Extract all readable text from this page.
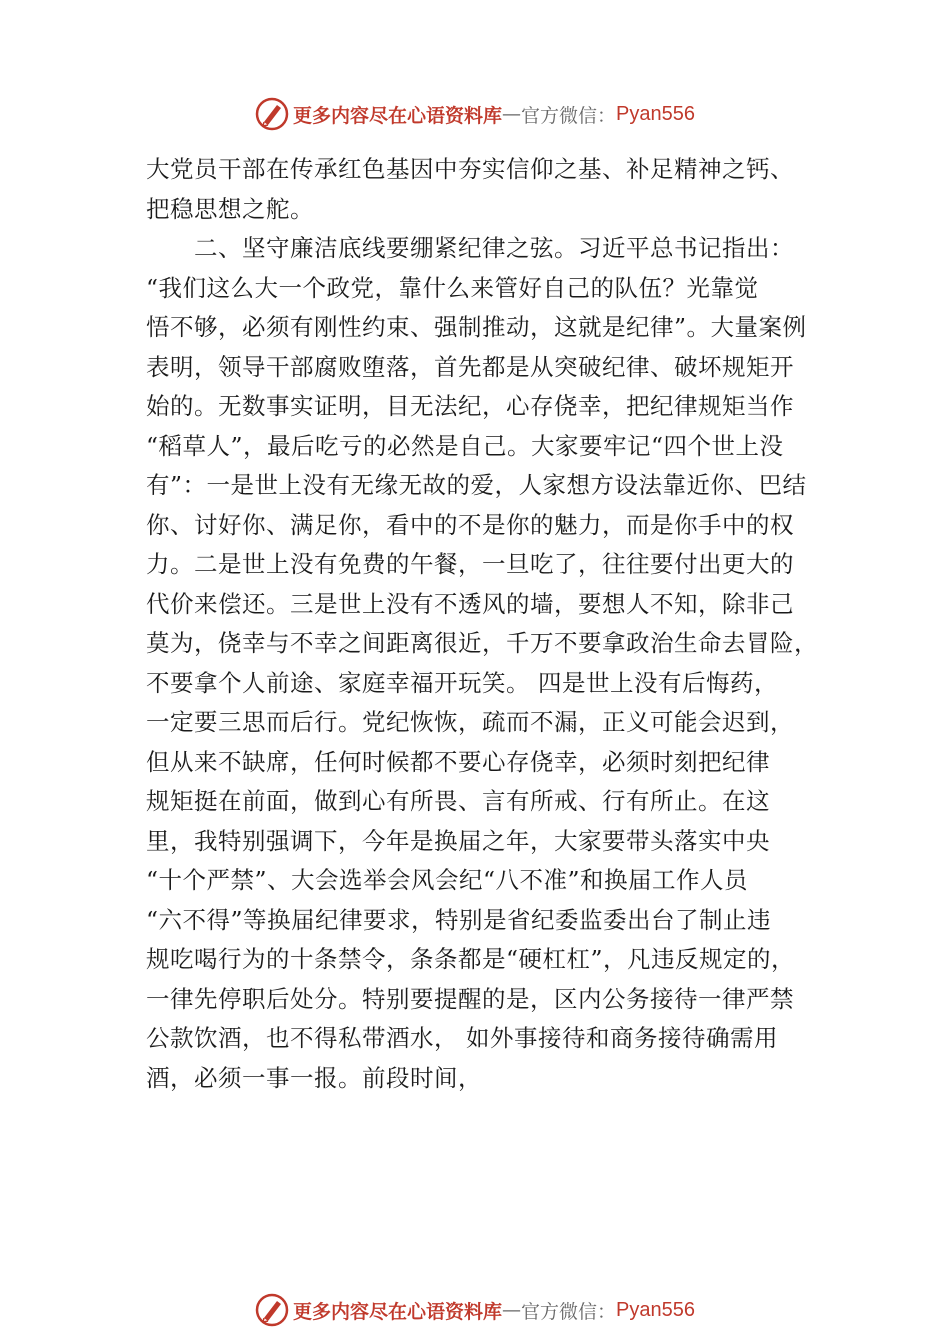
更多内容尽在心语资料库 — 官方微信： Pyan556
大党员干部在传承红色基因中夯实信仰之基、补足精神之钙、
把稳思想之舵。
　　二、坚守廉洁底线要绷紧纪律之弦。习近平总书记指出：
“我们这么大一个政党，靠什么来管好自己的队伍？光靠觉
悟不够，必须有刚性约束、强制推动，这就是纪律”。大量案例
表明，领导干部腐败堕落，首先都是从突破纪律、破坏规矩开
始的。无数事实证明，目无法纪，心存侥幸，把纪律规矩当作
“稻草人”，最后吃亏的必然是自己。大家要牢记“四个世上没
有”：一是世上没有无缘无故的爱，人家想方设法靠近你、巴结
你、讨好你、满足你，看中的不是你的魅力，而是你手中的权
力。二是世上没有免费的午餐，一旦吃了，往往要付出更大的
代价来偿还。三是世上没有不透风的墙，要想人不知，除非己
莫为，侥幸与不幸之间距离很近，千万不要拿政治生命去冒险，
不要拿个人前途、家庭幸福开玩笑。 四是世上没有后悔药，
一定要三思而后行。党纪恢恢，疏而不漏，正义可能会迟到，
但从来不缺席，任何时候都不要心存侥幸，必须时刻把纪律
规矩挺在前面，做到心有所畏、言有所戒、行有所止。在这
里，我特别强调下，今年是换届之年，大家要带头落实中央
“十个严禁”、大会选举会风会纪“八不准”和换届工作人员
“六不得”等换届纪律要求，特别是省纪委监委出台了制止违
规吃喝行为的十条禁令，条条都是“硬杠杠”，凡违反规定的，
一律先停职后处分。特别要提醒的是，区内公务接待一律严禁
公款饮酒，也不得私带酒水， 如外事接待和商务接待确需用
酒，必须一事一报。前段时间，
更多内容尽在心语资料库 — 官方微信： Pyan556
